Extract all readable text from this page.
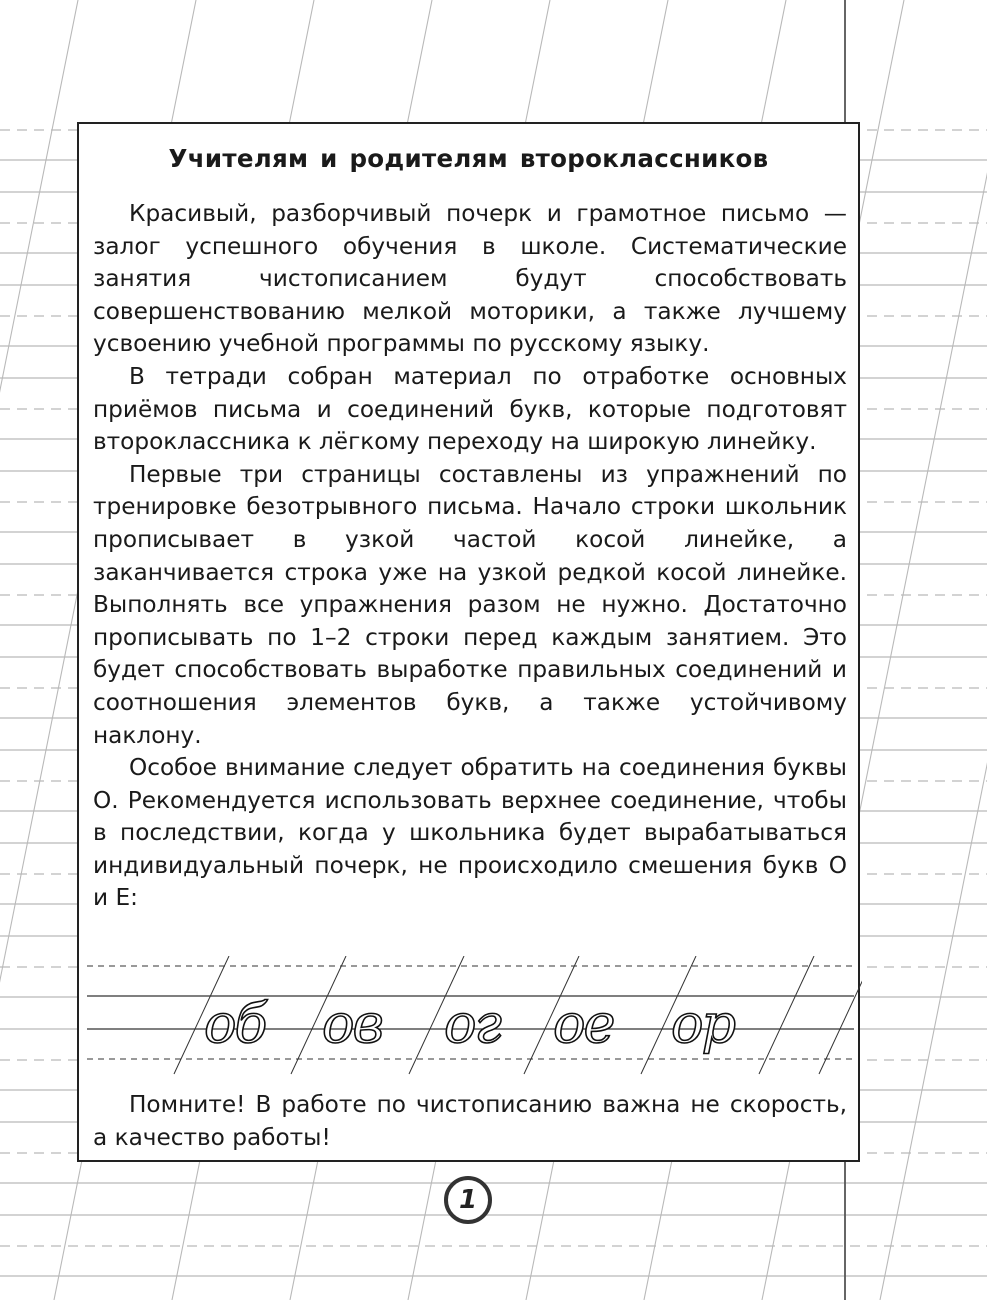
Учителям и родителям второклассников

Красивый, разборчивый почерк и грамотное письмо — залог успешного обучения в школе. Систематические занятия чистописанием будут способствовать совершенствованию мелкой моторики, а также лучшему усвоению учебной программы по русскому языку.

В тетради собран материал по отработке основных приёмов письма и соединений букв, которые подготовят второклассника к лёгкому переходу на широкую линейку.

Первые три страницы составлены из упражнений по тренировке безотрывного письма. Начало строки школьник прописывает в узкой частой косой линейке, а заканчивается строка уже на узкой редкой косой линейке. Выполнять все упражнения разом не нужно. Достаточно прописывать по 1–2 строки перед каждым занятием. Это будет способствовать выработке правильных соединений и соотношения элементов букв, а также устойчивому наклону.

Особое внимание следует обратить на соединения буквы О. Рекомендуется использовать верхнее соединение, чтобы в последствии, когда у школьника будет вырабатываться индивидуальный почерк, не происходило смешения букв О и Е:

об ов ог ое ор

Помните! В работе по чистописанию важна не скорость, а качество работы!

1
